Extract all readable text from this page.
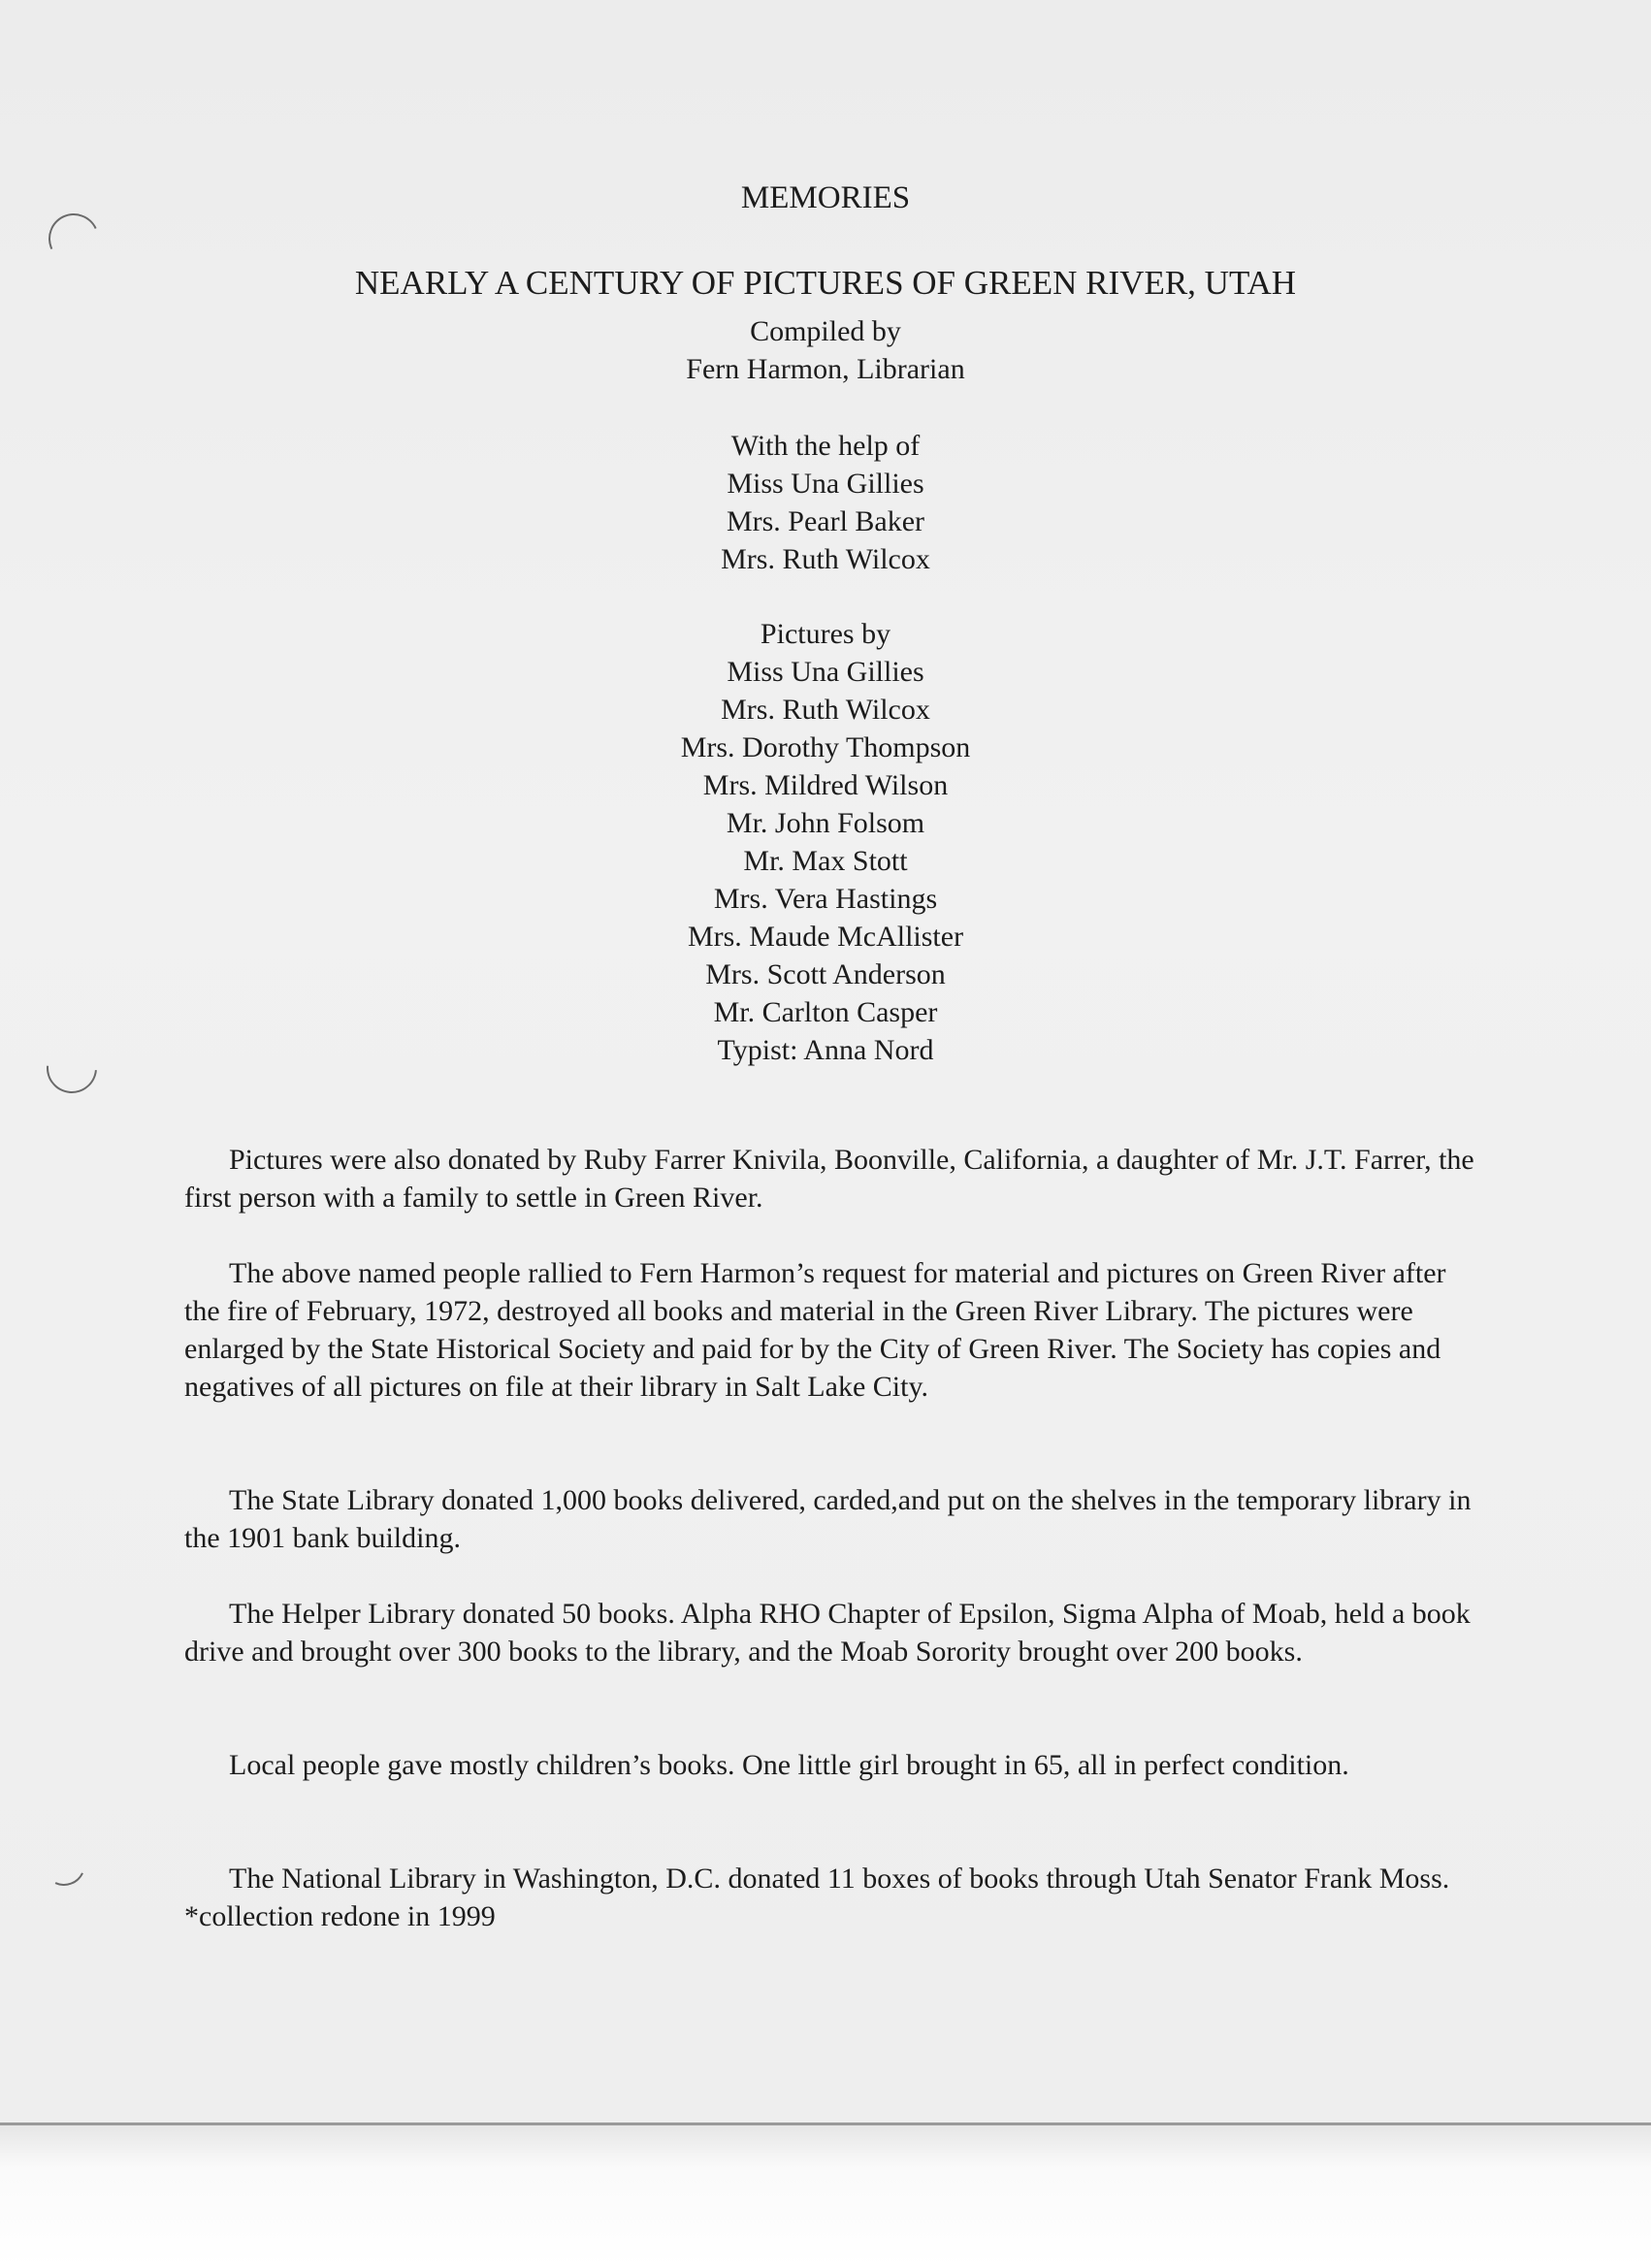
MEMORIES
NEARLY A CENTURY OF PICTURES OF GREEN RIVER, UTAH
Compiled by
Fern Harmon, Librarian
With the help of
Miss Una Gillies
Mrs. Pearl Baker
Mrs. Ruth Wilcox
Pictures by
Miss Una Gillies
Mrs. Ruth Wilcox
Mrs. Dorothy Thompson
Mrs. Mildred Wilson
Mr. John Folsom
Mr. Max Stott
Mrs. Vera Hastings
Mrs. Maude McAllister
Mrs. Scott Anderson
Mr. Carlton Casper
Typist: Anna Nord

Pictures were also donated by Ruby Farrer Knivila, Boonville, California, a daughter of Mr. J.T. Farrer, the first person with a family to settle in Green River.

The above named people rallied to Fern Harmon’s request for material and pictures on Green River after the fire of February, 1972, destroyed all books and material in the Green River Library. The pictures were enlarged by the State Historical Society and paid for by the City of Green River. The Society has copies and negatives of all pictures on file at their library in Salt Lake City.

The State Library donated 1,000 books delivered, carded,and put on the shelves in the temporary library in the 1901 bank building.

The Helper Library donated 50 books. Alpha RHO Chapter of Epsilon, Sigma Alpha of Moab, held a book drive and brought over 300 books to the library, and the Moab Sorority brought over 200 books.

Local people gave mostly children’s books. One little girl brought in 65, all in perfect condition.

The National Library in Washington, D.C. donated 11 boxes of books through Utah Senator Frank Moss. *collection redone in 1999
